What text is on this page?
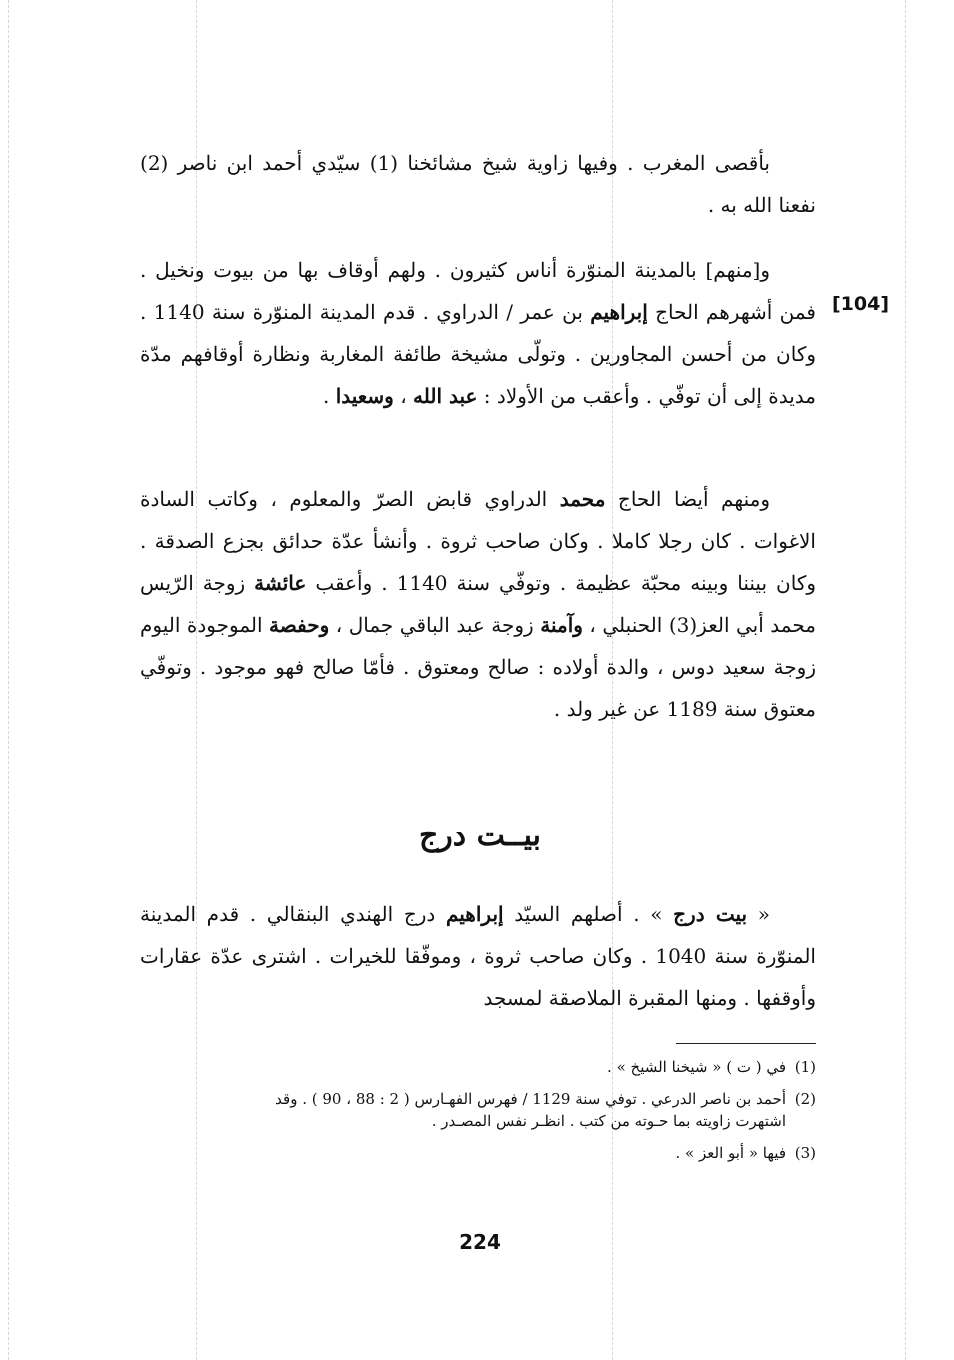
[104]

بأقصى المغرب . وفيها زاوية شيخ مشائخنا (1) سيّدي أحمد ابن ناصر (2) نفعنا الله به .

و[منهم] بالمدينة المنوّرة أناس كثيرون . ولهم أوقاف بها من بيوت ونخيل . فمن أشهرهم الحاج إبراهيم بن عمر / الدراوي . قدم المدينة المنوّرة سنة 1140 . وكان من أحسن المجاورين . وتولّى مشيخة طائفة المغاربة ونظارة أوقافهم مدّة مديدة إلى أن توفّي . وأعقب من الأولاد : عبد الله ، وسعيدا .

ومنهم أيضا الحاج محمد الدراوي قابض الصرّ والمعلوم ، وكاتب السادة الاغوات . كان رجلا كاملا . وكان صاحب ثروة . وأنشأ عدّة حدائق بجزع الصدقة . وكان بيننا وبينه محبّة عظيمة . وتوفّي سنة 1140 . وأعقب عائشة زوجة الرّيس محمد أبي العز(3) الحنبلي ، وآمنة زوجة عبد الباقي جمال ، وحفصة الموجودة اليوم زوجة سعيد دوس ، والدة أولاده : صالح ومعتوق . فأمّا صالح فهو موجود . وتوفّي معتوق سنة 1189 عن غير ولد .

بيــت درج

« بيت درج » . أصلهم السيّد إبراهيم درج الهندي البنقالي . قدم المدينة المنوّرة سنة 1040 . وكان صاحب ثروة ، وموفّقا للخيرات . اشترى عدّة عقارات وأوقفها . ومنها المقبرة الملاصقة لمسجد

(1)
في ( ت ) « شيخنا الشيخ » .

(2)
أحمد بن ناصر الدرعي . توفي سنة 1129 / فهرس الفهـارس ( 2 : 88 ، 90 ) . وقد اشتهرت زاويته بما حـوته من كتب . انظـر نفس المصـدر .

(3)
فيها « أبو العز » .

224
